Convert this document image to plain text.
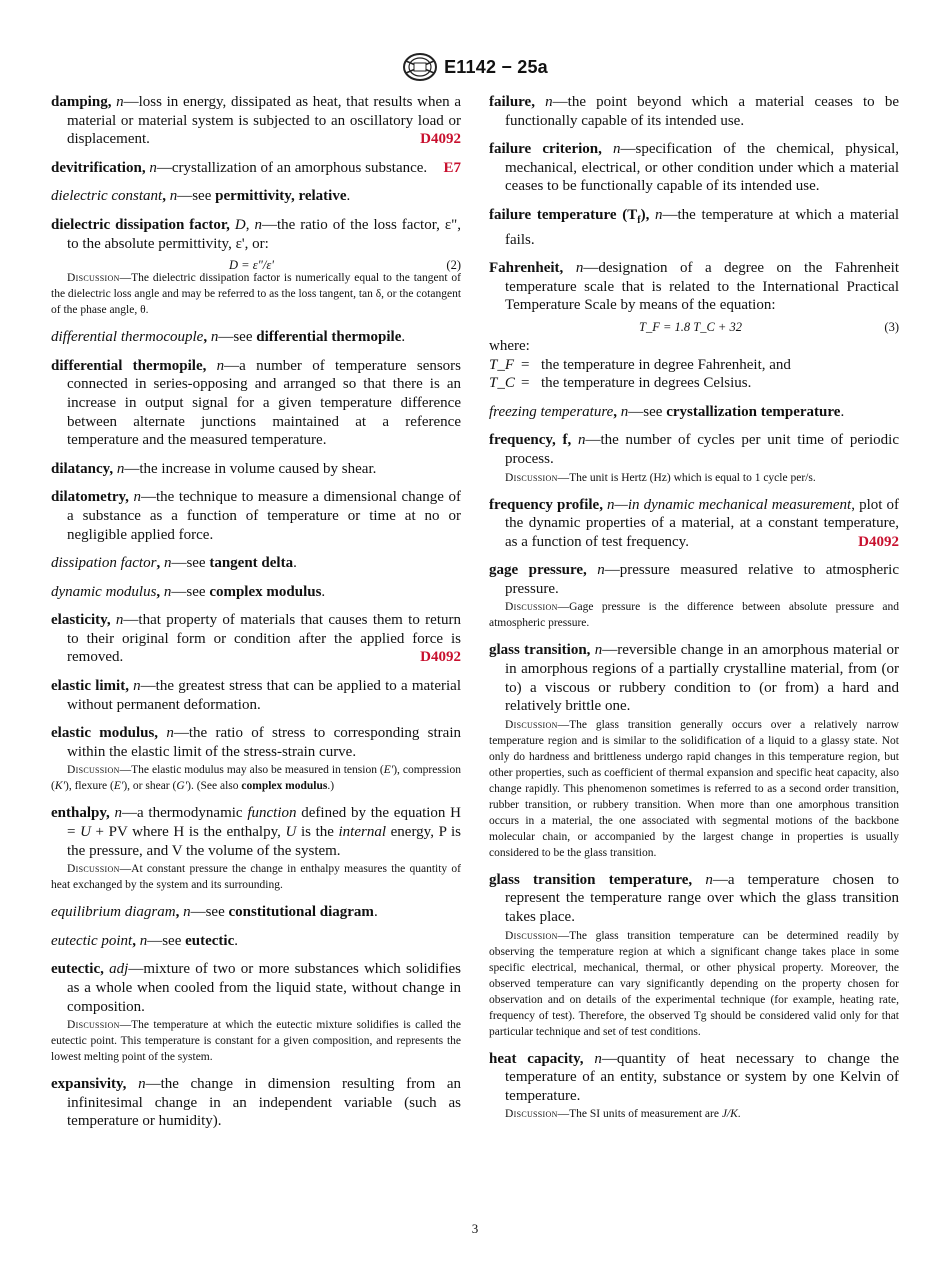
E1142 − 25a

damping, n—loss in energy, dissipated as heat, that results when a material or material system is subjected to an oscillatory load or displacement.	D4092

devitrification, n—crystallization of an amorphous substance.	E7

dielectric constant, n—see permittivity, relative.

dielectric dissipation factor, D, n—the ratio of the loss factor, ε", to the absolute permittivity, ε', or:

D = ε"/ε'	(2)

Discussion—The dielectric dissipation factor is numerically equal to the tangent of the dielectric loss angle and may be referred to as the loss tangent, tan δ, or the cotangent of the phase angle, θ.

differential thermocouple, n—see differential thermopile.

differential thermopile, n—a number of temperature sensors connected in series-opposing and arranged so that there is an increase in output signal for a given temperature difference between alternate junctions maintained at a reference temperature and the measured temperature.

dilatancy, n—the increase in volume caused by shear.

dilatometry, n—the technique to measure a dimensional change of a substance as a function of temperature or time at no or negligible applied force.

dissipation factor, n—see tangent delta.

dynamic modulus, n—see complex modulus.

elasticity, n—that property of materials that causes them to return to their original form or condition after the applied force is removed.	D4092

elastic limit, n—the greatest stress that can be applied to a material without permanent deformation.

elastic modulus, n—the ratio of stress to corresponding strain within the elastic limit of the stress-strain curve.

Discussion—The elastic modulus may also be measured in tension (E'), compression (K'), flexure (E'), or shear (G'). (See also complex modulus.)

enthalpy, n—a thermodynamic function defined by the equation H = U + PV where H is the enthalpy, U is the internal energy, P is the pressure, and V the volume of the system.

Discussion—At constant pressure the change in enthalpy measures the quantity of heat exchanged by the system and its surrounding.

equilibrium diagram, n—see constitutional diagram.

eutectic point, n—see eutectic.

eutectic, adj—mixture of two or more substances which solidifies as a whole when cooled from the liquid state, without change in composition.

Discussion—The temperature at which the eutectic mixture solidifies is called the eutectic point. This temperature is constant for a given composition, and represents the lowest melting point of the system.

expansivity, n—the change in dimension resulting from an infinitesimal change in an independent variable (such as temperature or humidity).

failure, n—the point beyond which a material ceases to be functionally capable of its intended use.

failure criterion, n—specification of the chemical, physical, mechanical, electrical, or other condition under which a material ceases to be functionally capable of its intended use.

failure temperature $(T_f)$, n—the temperature at which a material fails.

Fahrenheit, n—designation of a degree on the Fahrenheit temperature scale that is related to the International Practical Temperature Scale by means of the equation:

T_F = 1.8 T_C + 32	(3)
where:
T_F	=	the temperature in degree Fahrenheit, and
T_C	=	the temperature in degrees Celsius.

freezing temperature, n—see crystallization temperature.

frequency, f, n—the number of cycles per unit time of periodic process.

Discussion—The unit is Hertz (Hz) which is equal to 1 cycle per/s.

frequency profile, n—in dynamic mechanical measurement, plot of the dynamic properties of a material, at a constant temperature, as a function of test frequency.	D4092

gage pressure, n—pressure measured relative to atmospheric pressure.

Discussion—Gage pressure is the difference between absolute pressure and atmospheric pressure.

glass transition, n—reversible change in an amorphous material or in amorphous regions of a partially crystalline material, from (or to) a viscous or rubbery condition to (or from) a hard and relatively brittle one.

Discussion—The glass transition generally occurs over a relatively narrow temperature region and is similar to the solidification of a liquid to a glassy state. Not only do hardness and brittleness undergo rapid changes in this temperature region, but other properties, such as coefficient of thermal expansion and specific heat capacity, also change rapidly. This phenomenon sometimes is referred to as a second order transition, rubber transition, or rubbery transition. When more than one amorphous transition occurs in a material, the one associated with segmental motions of the backbone molecular chain, or accompanied by the largest change in properties is usually considered to be the glass transition.

glass transition temperature, n—a temperature chosen to represent the temperature range over which the glass transition takes place.

Discussion—The glass transition temperature can be determined readily by observing the temperature region at which a significant change takes place in some specific electrical, mechanical, thermal, or other physical property. Moreover, the observed temperature can vary significantly depending on the property chosen for observation and on details of the experimental technique (for example, heating rate, frequency of test). Therefore, the observed Tg should be considered valid only for that particular technique and set of test conditions.

heat capacity, n—quantity of heat necessary to change the temperature of an entity, substance or system by one Kelvin of temperature.

Discussion—The SI units of measurement are J/K.

3
